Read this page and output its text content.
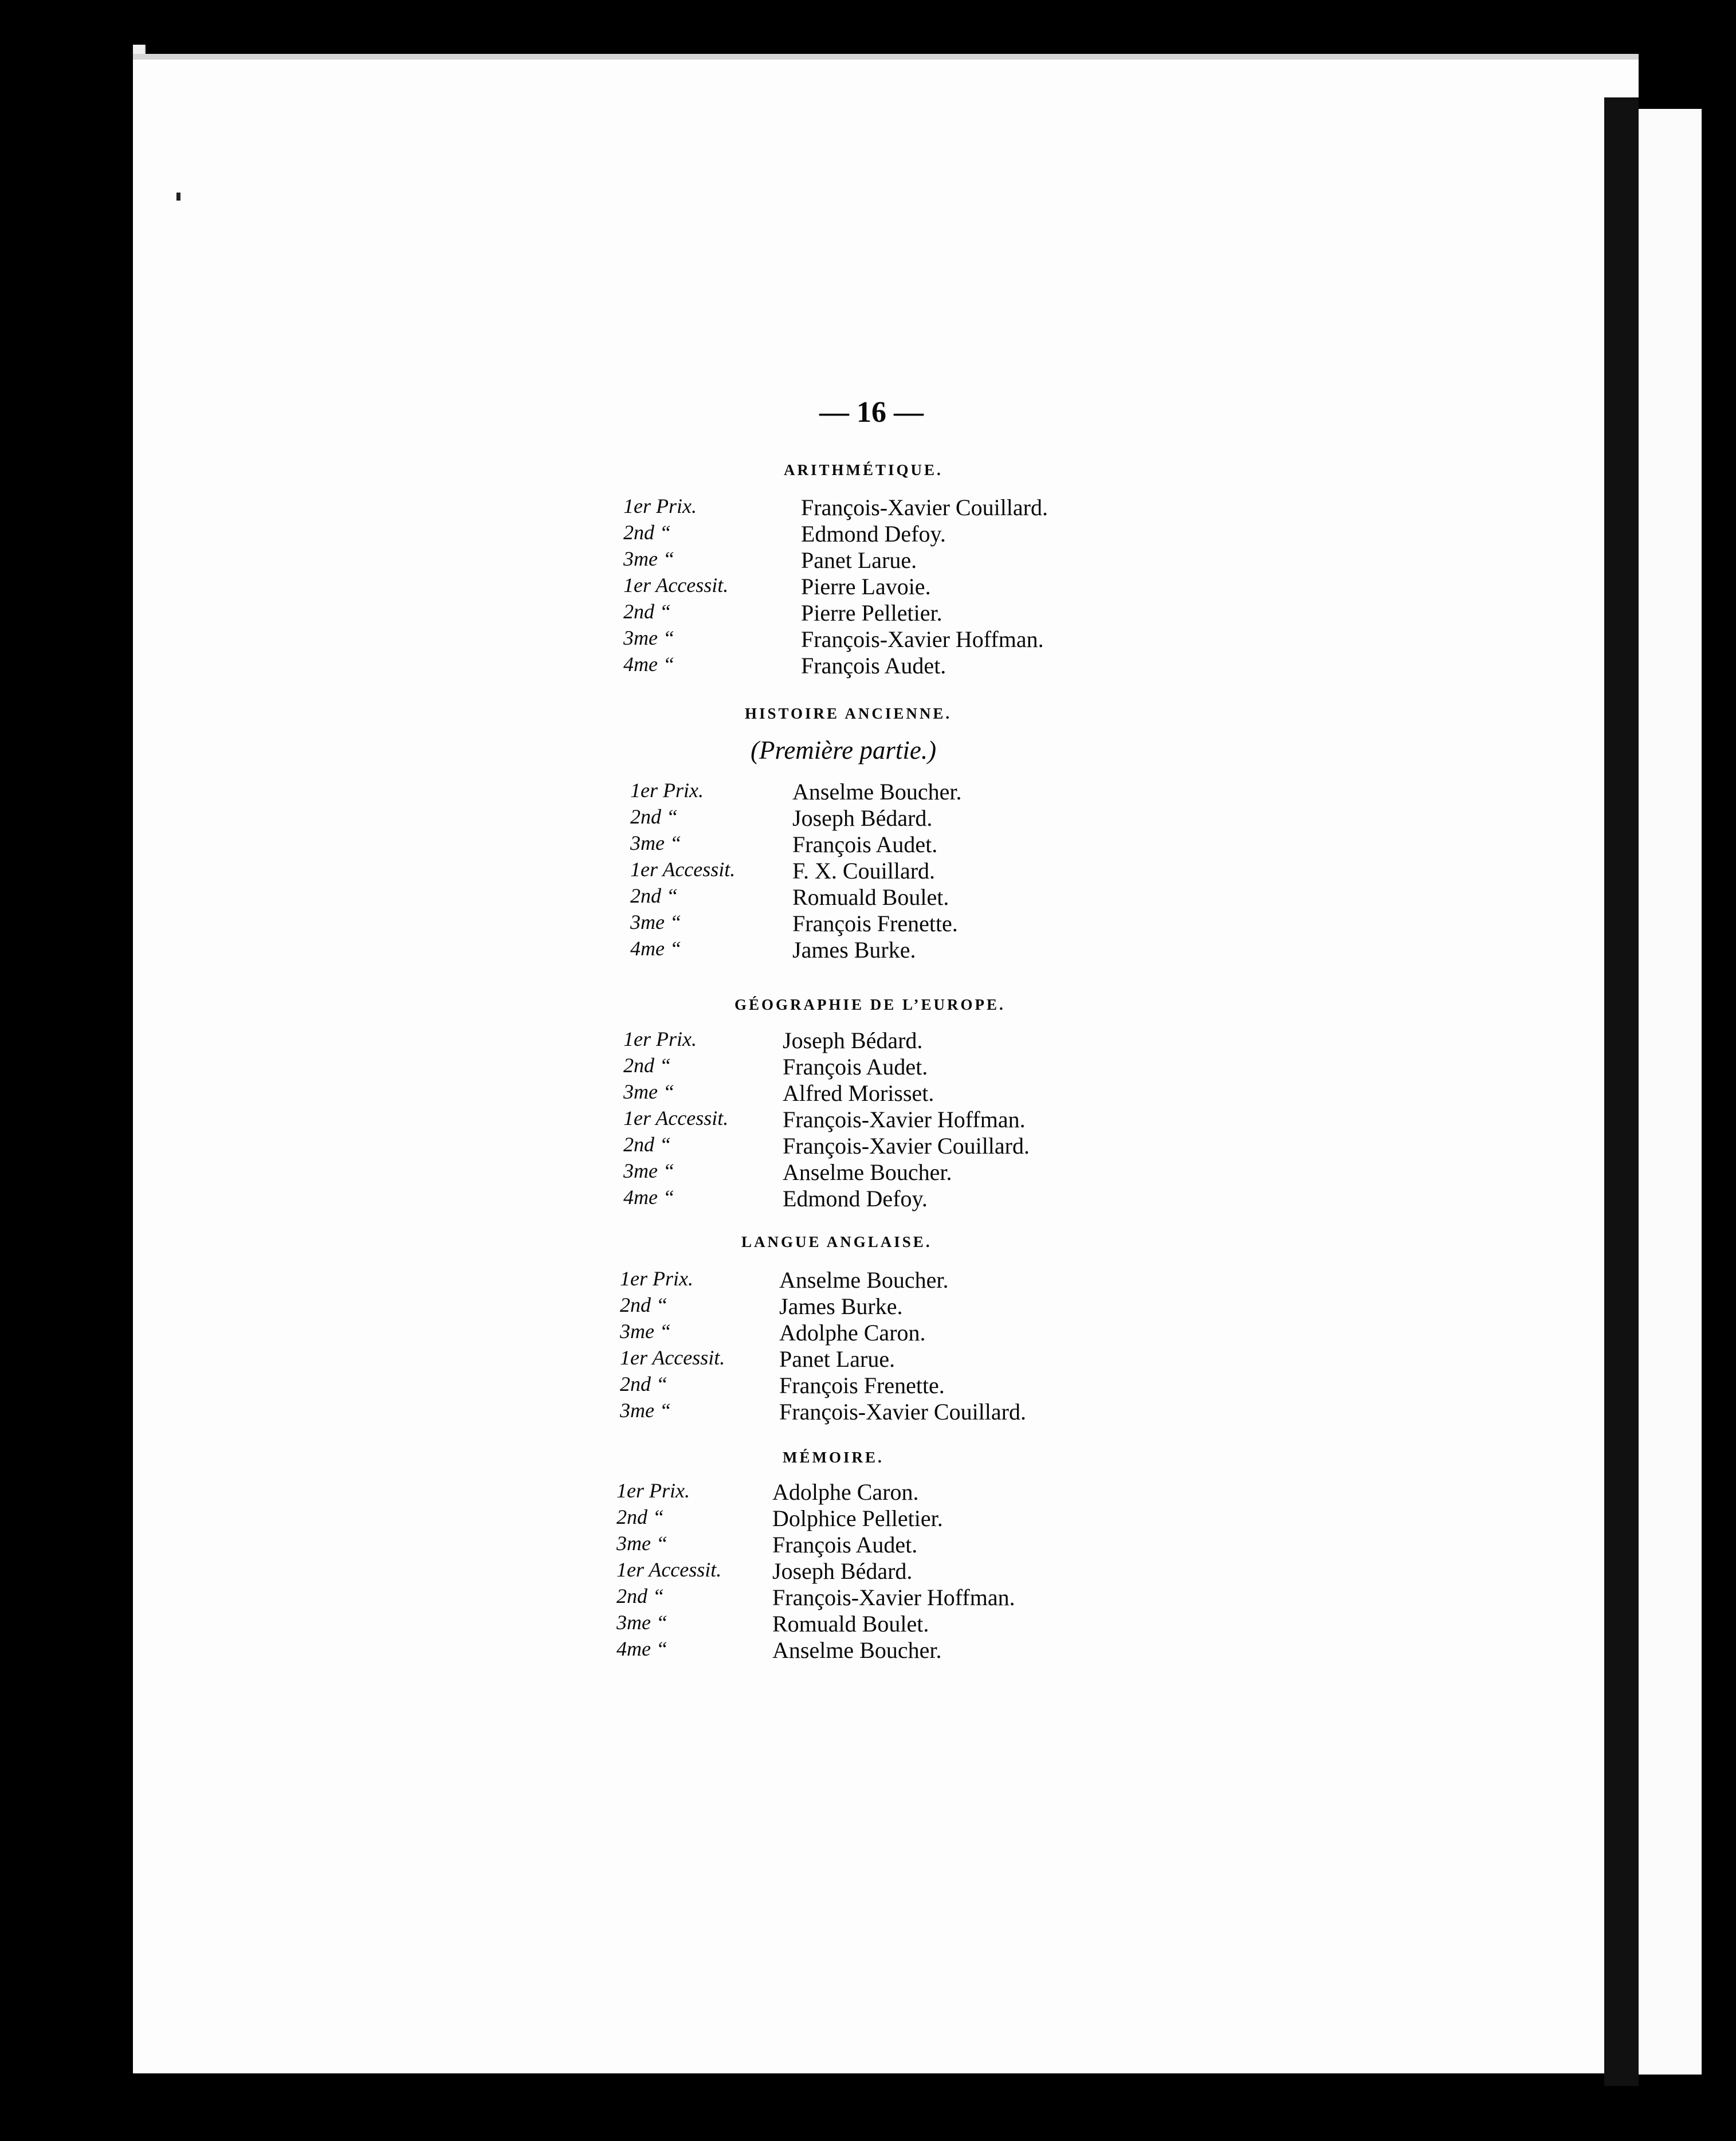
— 16 —
ARITHMÉTIQUE.
1er Prix.	François-Xavier Couillard.
2nd “	Edmond Defoy.
3me “	Panet Larue.
1er Accessit.	Pierre Lavoie.
2nd “	Pierre Pelletier.
3me “	François-Xavier Hoffman.
4me “	François Audet.
HISTOIRE ANCIENNE.
(Première partie.)
1er Prix.	Anselme Boucher.
2nd “	Joseph Bédard.
3me “	François Audet.
1er Accessit. F. X. Couillard.
2nd “	Romuald Boulet.
3me “	François Frenette.
4me “	James Burke.
GÉOGRAPHIE DE L’EUROPE.
1er Prix.	Joseph Bédard.
2nd “	François Audet.
3me “	Alfred Morisset.
1er Accessit. François-Xavier Hoffman.
2nd “	François-Xavier Couillard.
3me “	Anselme Boucher.
4me “	Edmond Defoy.
LANGUE ANGLAISE.
1er Prix.	Anselme Boucher.
2nd “	James Burke.
3me “	Adolphe Caron.
1er Accessit. Panet Larue.
2nd “	François Frenette.
3me “	François-Xavier Couillard.
MÉMOIRE.
1er Prix.	Adolphe Caron.
2nd “	Dolphice Pelletier.
3me “	François Audet.
1er Accessit. Joseph Bédard.
2nd “	François-Xavier Hoffman.
3me “	Romuald Boulet.
4me “	Anselme Boucher.
